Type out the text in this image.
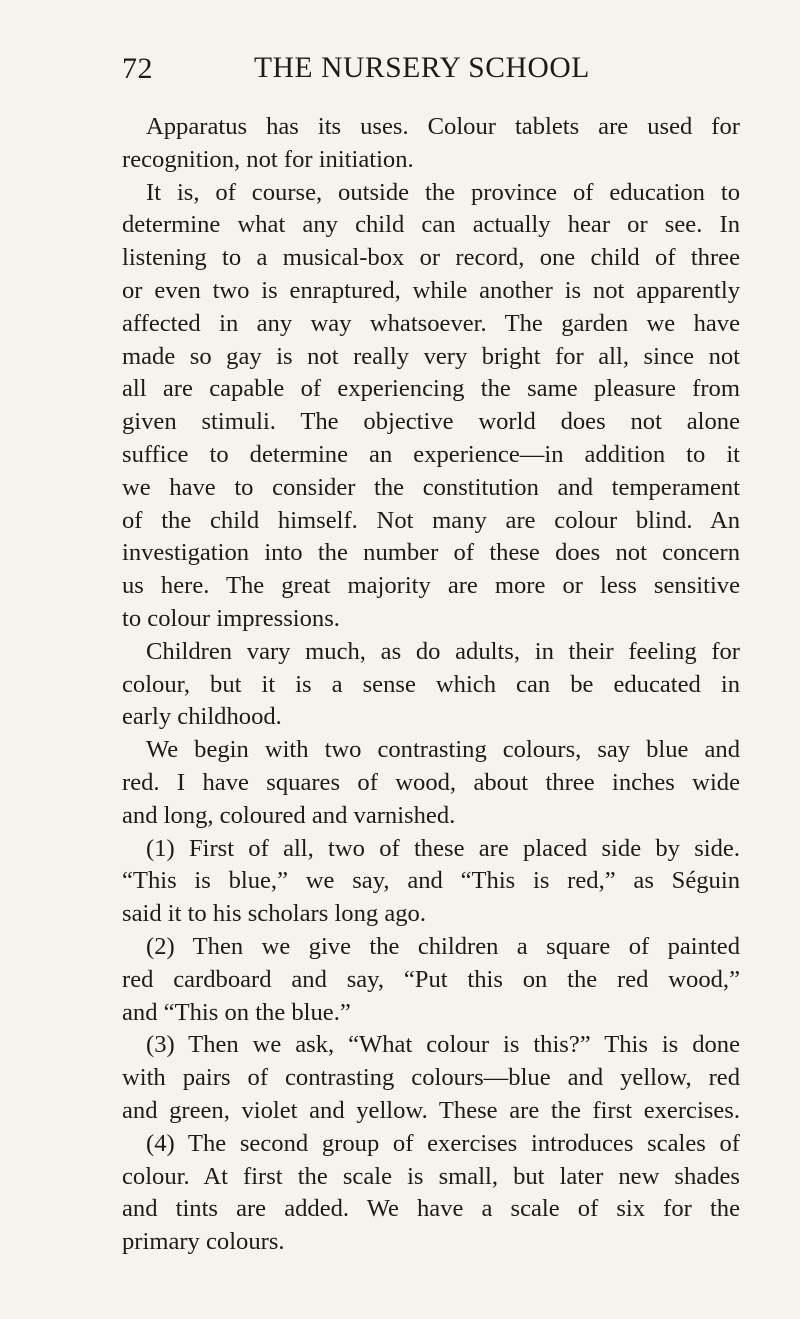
72	THE NURSERY SCHOOL
Apparatus has its uses. Colour tablets are used for
recognition, not for initiation.
It is, of course, outside the province of education to
determine what any child can actually hear or see. In
listening to a musical-box or record, one child of three
or even two is enraptured, while another is not apparently
affected in any way whatsoever. The garden we have
made so gay is not really very bright for all, since not
all are capable of experiencing the same pleasure from
given stimuli. The objective world does not alone
suffice to determine an experience—in addition to it
we have to consider the constitution and temperament
of the child himself. Not many are colour blind. An
investigation into the number of these does not concern
us here. The great majority are more or less sensitive
to colour impressions.
Children vary much, as do adults, in their feeling for
colour, but it is a sense which can be educated in
early childhood.
We begin with two contrasting colours, say blue and
red. I have squares of wood, about three inches wide
and long, coloured and varnished.
(1) First of all, two of these are placed side by side.
“This is blue,” we say, and “This is red,” as Séguin
said it to his scholars long ago.
(2) Then we give the children a square of painted
red cardboard and say, “Put this on the red wood,”
and “This on the blue.”
(3) Then we ask, “What colour is this?” This is done
with pairs of contrasting colours—blue and yellow, red
and green, violet and yellow. These are the first exercises.
(4) The second group of exercises introduces scales of
colour. At first the scale is small, but later new shades
and tints are added. We have a scale of six for the
primary colours.
